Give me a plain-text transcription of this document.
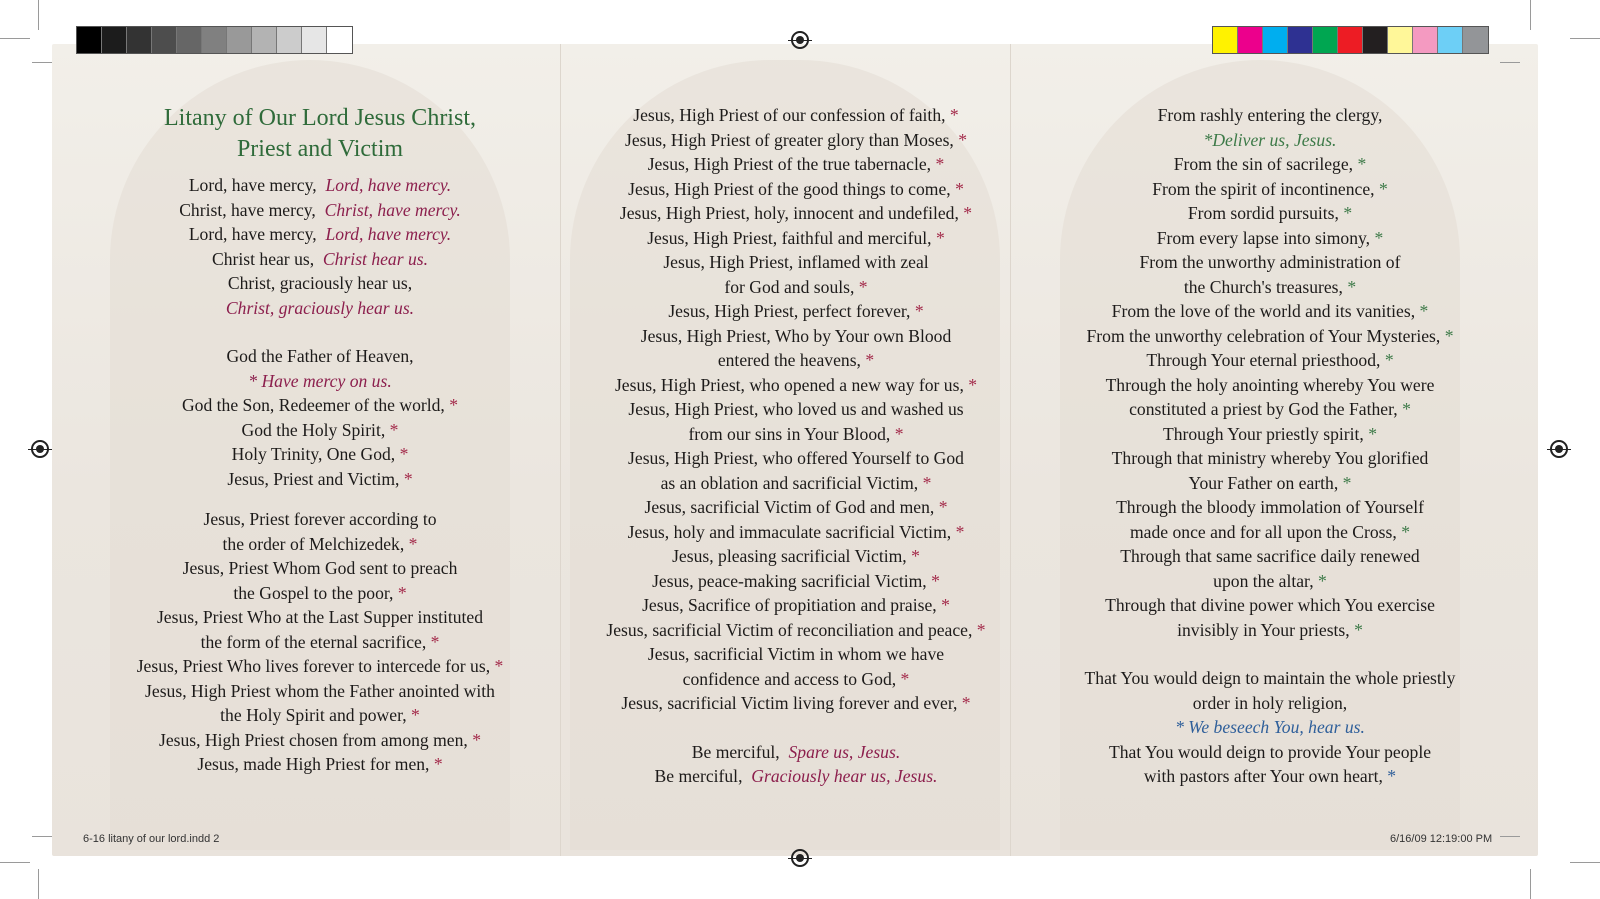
Litany of Our Lord Jesus Christ,
Priest and Victim
Lord, have mercy, Lord, have mercy.
Christ, have mercy, Christ, have mercy.
Lord, have mercy, Lord, have mercy.
Christ hear us, Christ hear us.
Christ, graciously hear us,
Christ, graciously hear us.
God the Father of Heaven,
* Have mercy on us.
God the Son, Redeemer of the world, *
God the Holy Spirit, *
Holy Trinity, One God, *
Jesus, Priest and Victim, *
Jesus, Priest forever according to
the order of Melchizedek, *
Jesus, Priest Whom God sent to preach
the Gospel to the poor, *
Jesus, Priest Who at the Last Supper instituted
the form of the eternal sacrifice, *
Jesus, Priest Who lives forever to intercede for us, *
Jesus, High Priest whom the Father anointed with
the Holy Spirit and power, *
Jesus, High Priest chosen from among men, *
Jesus, made High Priest for men, *
Jesus, High Priest of our confession of faith, *
Jesus, High Priest of greater glory than Moses, *
Jesus, High Priest of the true tabernacle, *
Jesus, High Priest of the good things to come, *
Jesus, High Priest, holy, innocent and undefiled, *
Jesus, High Priest, faithful and merciful, *
Jesus, High Priest, inflamed with zeal
for God and souls, *
Jesus, High Priest, perfect forever, *
Jesus, High Priest, Who by Your own Blood
entered the heavens, *
Jesus, High Priest, who opened a new way for us, *
Jesus, High Priest, who loved us and washed us
from our sins in Your Blood, *
Jesus, High Priest, who offered Yourself to God
as an oblation and sacrificial Victim, *
Jesus, sacrificial Victim of God and men, *
Jesus, holy and immaculate sacrificial Victim, *
Jesus, pleasing sacrificial Victim, *
Jesus, peace-making sacrificial Victim, *
Jesus, Sacrifice of propitiation and praise, *
Jesus, sacrificial Victim of reconciliation and peace, *
Jesus, sacrificial Victim in whom we have
confidence and access to God, *
Jesus, sacrificial Victim living forever and ever, *
Be merciful,  Spare us, Jesus.
Be merciful,  Graciously hear us, Jesus.
From rashly entering the clergy,
*Deliver us, Jesus.
From the sin of sacrilege, *
From the spirit of incontinence, *
From sordid pursuits, *
From every lapse into simony, *
From the unworthy administration of
the Church's treasures, *
From the love of the world and its vanities, *
From the unworthy celebration of Your Mysteries, *
Through Your eternal priesthood, *
Through the holy anointing whereby You were
constituted a priest by God the Father, *
Through Your priestly spirit, *
Through that ministry whereby You glorified
Your Father on earth, *
Through the bloody immolation of Yourself
made once and for all upon the Cross, *
Through that same sacrifice daily renewed
upon the altar, *
Through that divine power which You exercise
invisibly in Your priests, *
That You would deign to maintain the whole priestly
order in holy religion,
* We beseech You, hear us.
That You would deign to provide Your people
with pastors after Your own heart, *
6-16 litany of our lord.indd 2	6/16/09 12:19:00 PM
